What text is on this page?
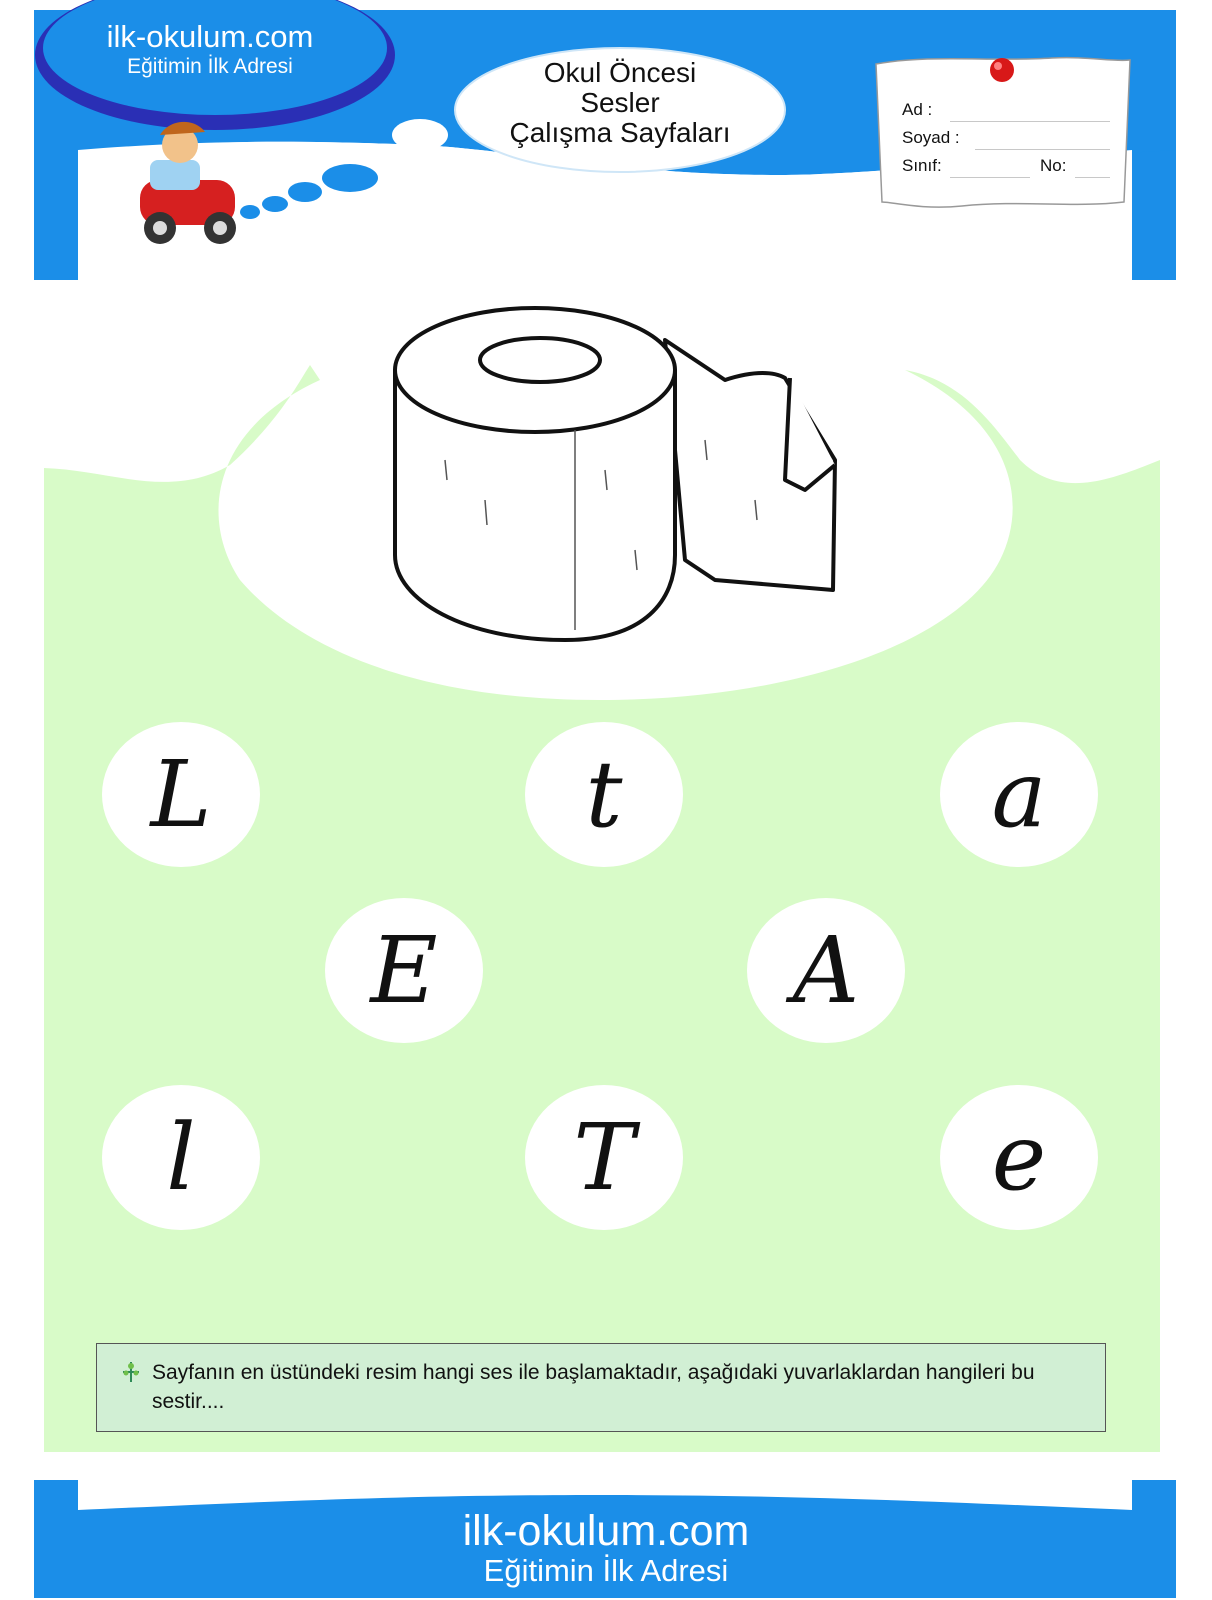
ilk-okulum.com
Eğitimin İlk Adresi	Okul Öncesi
Sesler
Çalışma Sayfaları
Ad :
Soyad :
Sınıf:	No:
L	t	a
E	A
l	T	e
Sayfanın en üstündeki resim hangi ses ile başlamaktadır, aşağıdaki yuvarlaklardan hangileri bu sestir....
ilk-okulum.com
Eğitimin İlk Adresi
